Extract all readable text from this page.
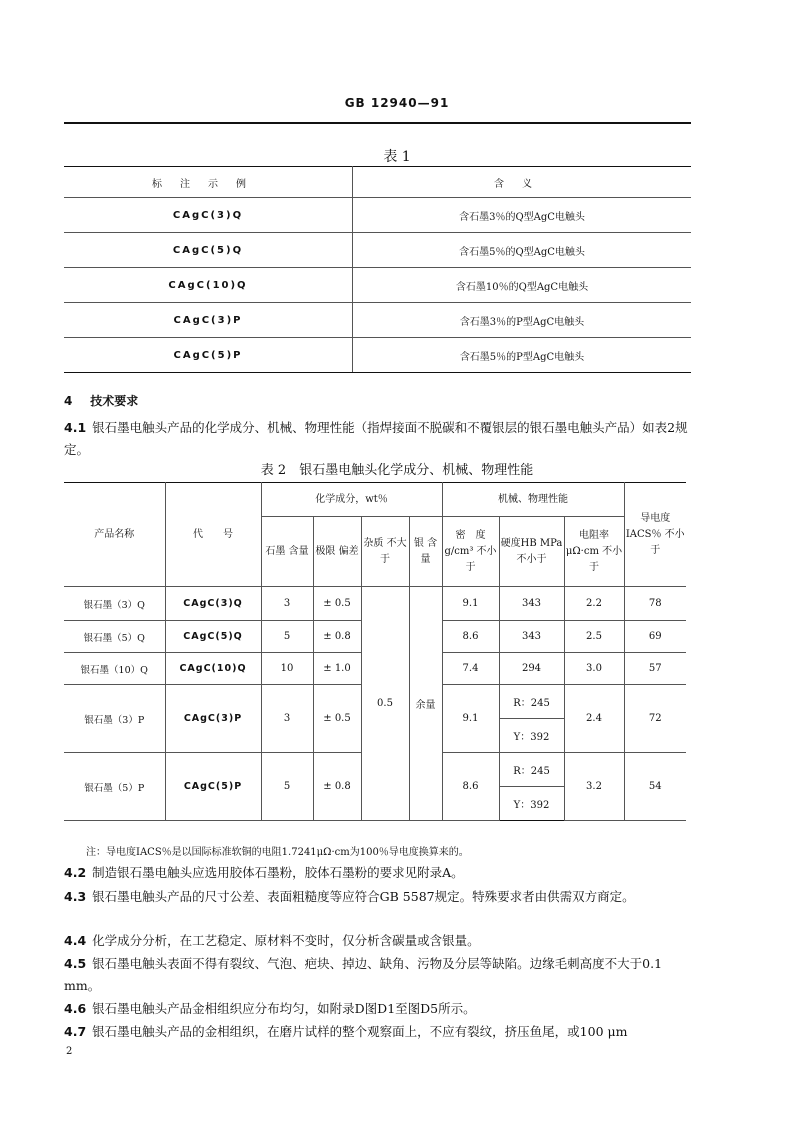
GB 12940—91
表 1
标注示例	含义
CAgC(3)Q	含石墨3％的Q型AgC电触头
CAgC(5)Q	含石墨5％的Q型AgC电触头
CAgC(10)Q	含石墨10％的Q型AgC电触头
CAgC(3)P	含石墨3％的P型AgC电触头
CAgC(5)P	含石墨5％的P型AgC电触头
4 技术要求
4.1 银石墨电触头产品的化学成分、机械、物理性能（指焊接面不脱碳和不覆银层的银石墨电触头产品）如表2规定。
表 2　银石墨电触头化学成分、机械、物理性能
产品名称	代　　号	化学成分，wt％				机械、物理性能			导电度 IACS％ 不小于
		石墨 含量	极限 偏差	杂质 不大于	银 含量	密　度 g/cm³ 不小于	硬度HB MPa 不小于	电阻率 μΩ·cm 不小于	
银石墨（3）Q	CAgC(3)Q	3	± 0.5	0.5	余量	9.1	343	2.2	78
银石墨（5）Q	CAgC(5)Q	5	± 0.8			8.6	343	2.5	69
银石墨（10）Q	CAgC(10)Q	10	± 1.0			7.4	294	3.0	57
银石墨（3）P	CAgC(3)P	3	± 0.5			9.1	R：245	2.4	72
							Y：392		
银石墨（5）P	CAgC(5)P	5	± 0.8			8.6	R：245	3.2	54
							Y：392		
注：导电度IACS％是以国际标准软铜的电阻1.7241μΩ·cm为100％导电度换算来的。
4.2 制造银石墨电触头应选用胶体石墨粉，胶体石墨粉的要求见附录A。
4.3 银石墨电触头产品的尺寸公差、表面粗糙度等应符合GB 5587规定。特殊要求者由供需双方商定。
4.4 化学成分分析，在工艺稳定、原材料不变时，仅分析含碳量或含银量。
4.5 银石墨电触头表面不得有裂纹、气泡、疤块、掉边、缺角、污物及分层等缺陷。边缘毛刺高度不大于0.1 mm。
4.6 银石墨电触头产品金相组织应分布均匀，如附录D图D1至图D5所示。
4.7 银石墨电触头产品的金相组织，在磨片试样的整个观察面上，不应有裂纹，挤压鱼尾，或100 μm
2
